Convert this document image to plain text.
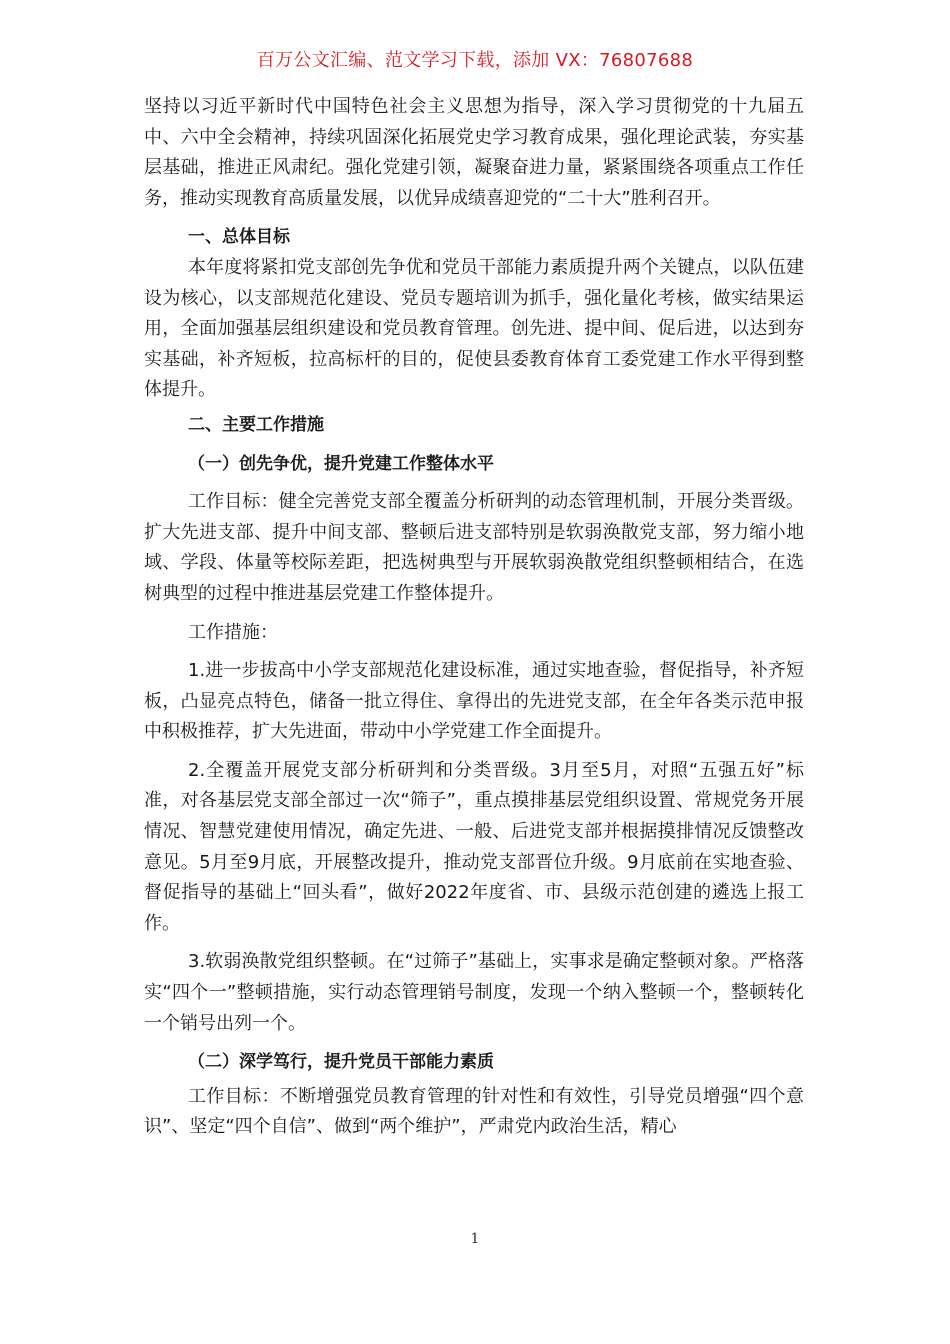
百万公文汇编、范文学习下载，添加 VX：76807688

坚持以习近平新时代中国特色社会主义思想为指导，深入学习贯彻党的十九届五中、六中全会精神，持续巩固深化拓展党史学习教育成果，强化理论武装，夯实基层基础，推进正风肃纪。强化党建引领，凝聚奋进力量，紧紧围绕各项重点工作任务，推动实现教育高质量发展，以优异成绩喜迎党的“二十大”胜利召开。

一、总体目标

本年度将紧扣党支部创先争优和党员干部能力素质提升两个关键点，以队伍建设为核心，以支部规范化建设、党员专题培训为抓手，强化量化考核，做实结果运用，全面加强基层组织建设和党员教育管理。创先进、提中间、促后进，以达到夯实基础，补齐短板，拉高标杆的目的，促使县委教育体育工委党建工作水平得到整体提升。

二、主要工作措施

（一）创先争优，提升党建工作整体水平

工作目标：健全完善党支部全覆盖分析研判的动态管理机制，开展分类晋级。扩大先进支部、提升中间支部、整顿后进支部特别是软弱涣散党支部，努力缩小地域、学段、体量等校际差距，把选树典型与开展软弱涣散党组织整顿相结合，在选树典型的过程中推进基层党建工作整体提升。

工作措施：

1.进一步拔高中小学支部规范化建设标准，通过实地查验，督促指导，补齐短板，凸显亮点特色，储备一批立得住、拿得出的先进党支部，在全年各类示范申报中积极推荐，扩大先进面，带动中小学党建工作全面提升。

2.全覆盖开展党支部分析研判和分类晋级。3月至5月，对照“五强五好”标准，对各基层党支部全部过一次“筛子”，重点摸排基层党组织设置、常规党务开展情况、智慧党建使用情况，确定先进、一般、后进党支部并根据摸排情况反馈整改意见。5月至9月底，开展整改提升，推动党支部晋位升级。9月底前在实地查验、督促指导的基础上“回头看”，做好2022年度省、市、县级示范创建的遴选上报工作。

3.软弱涣散党组织整顿。在“过筛子”基础上，实事求是确定整顿对象。严格落实“四个一”整顿措施，实行动态管理销号制度，发现一个纳入整顿一个，整顿转化一个销号出列一个。

（二）深学笃行，提升党员干部能力素质

工作目标：不断增强党员教育管理的针对性和有效性，引导党员增强“四个意识”、坚定“四个自信”、做到“两个维护”，严肃党内政治生活，精心

1
